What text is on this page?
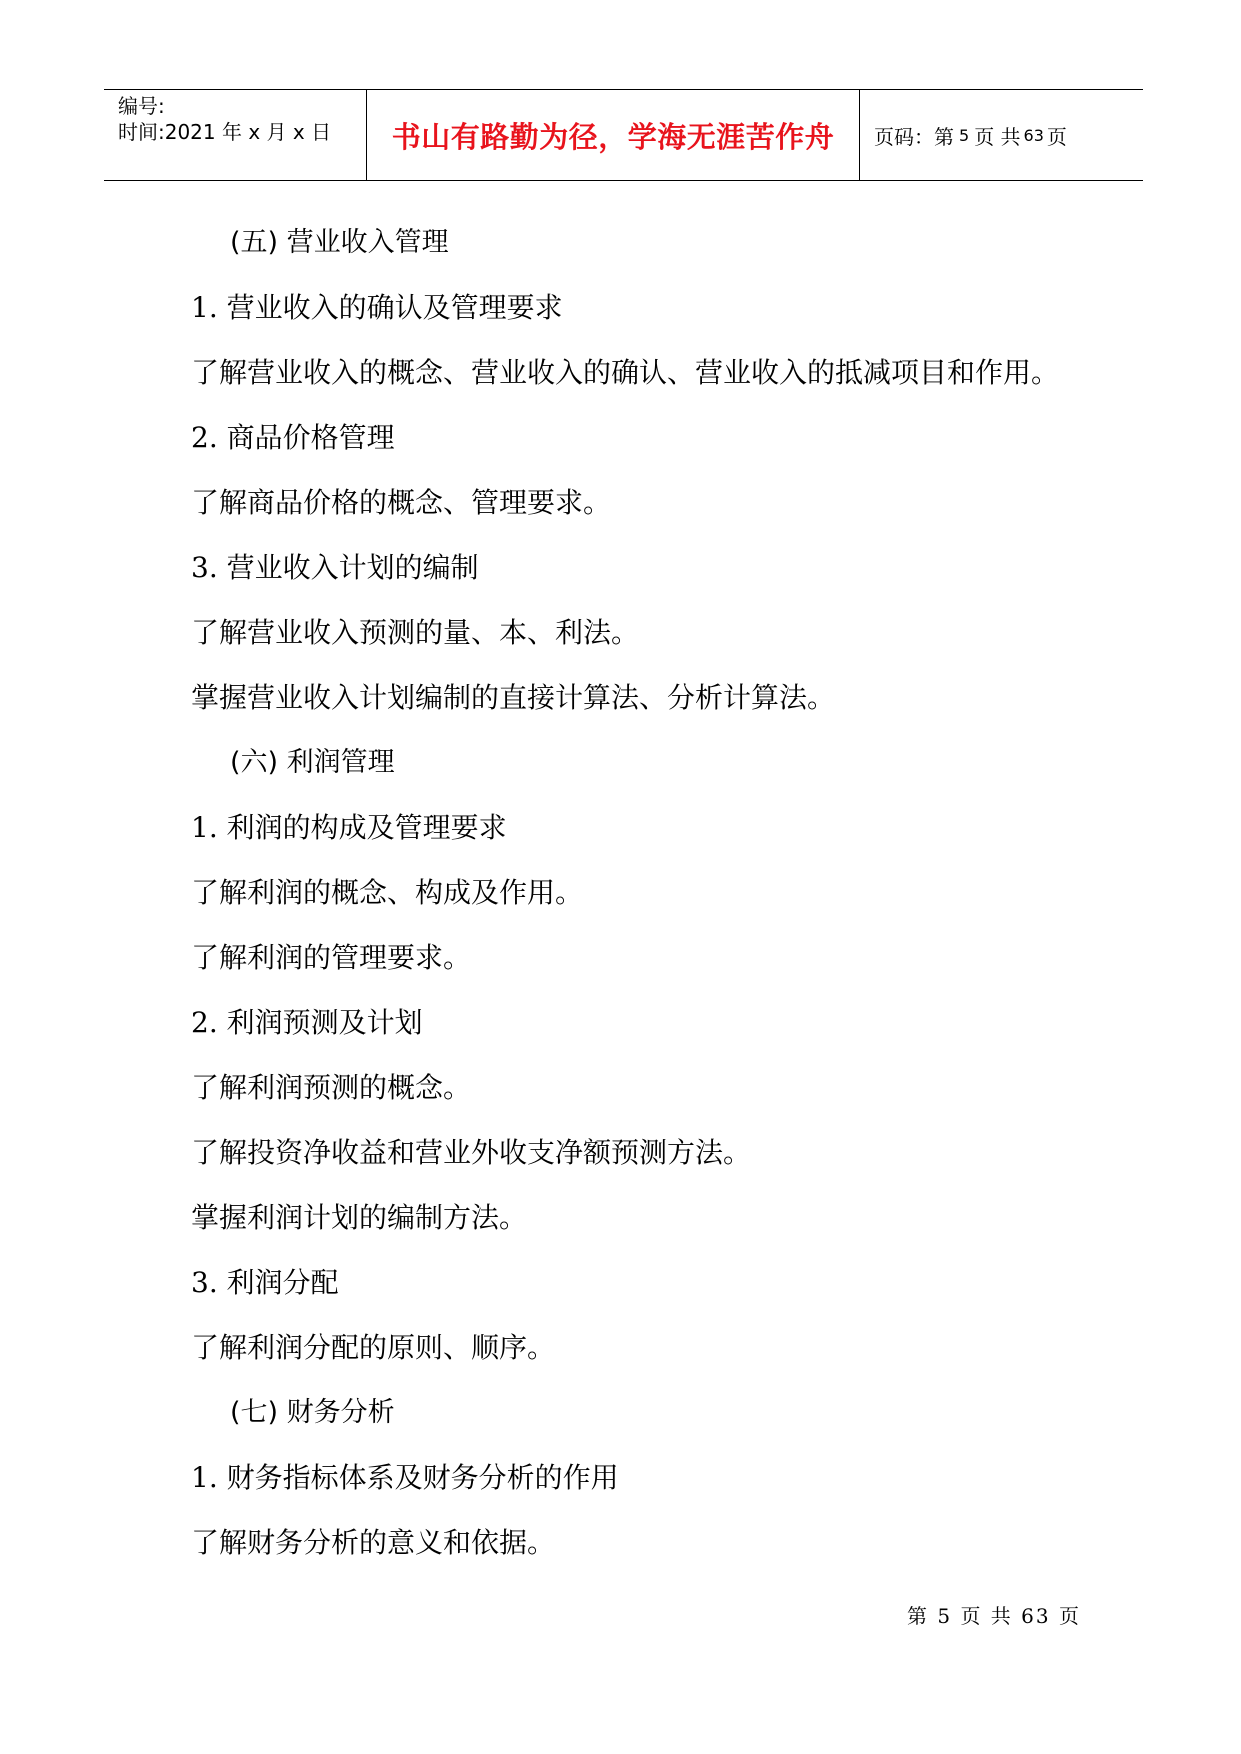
编号:
时间:2021 年 x 月 x 日	书山有路勤为径，学海无涯苦作舟 页码：第 5 页 共 63 页
(五) 营业收入管理
1. 营业收入的确认及管理要求
了解营业收入的概念、营业收入的确认、营业收入的抵减项目和作用。
2. 商品价格管理
了解商品价格的概念、管理要求。
3. 营业收入计划的编制
了解营业收入预测的量、本、利法。
掌握营业收入计划编制的直接计算法、分析计算法。
(六) 利润管理
1. 利润的构成及管理要求
了解利润的概念、构成及作用。
了解利润的管理要求。
2. 利润预测及计划
了解利润预测的概念。
了解投资净收益和营业外收支净额预测方法。
掌握利润计划的编制方法。
3. 利润分配
了解利润分配的原则、顺序。
(七) 财务分析
1. 财务指标体系及财务分析的作用
了解财务分析的意义和依据。
第 5 页 共 63 页
